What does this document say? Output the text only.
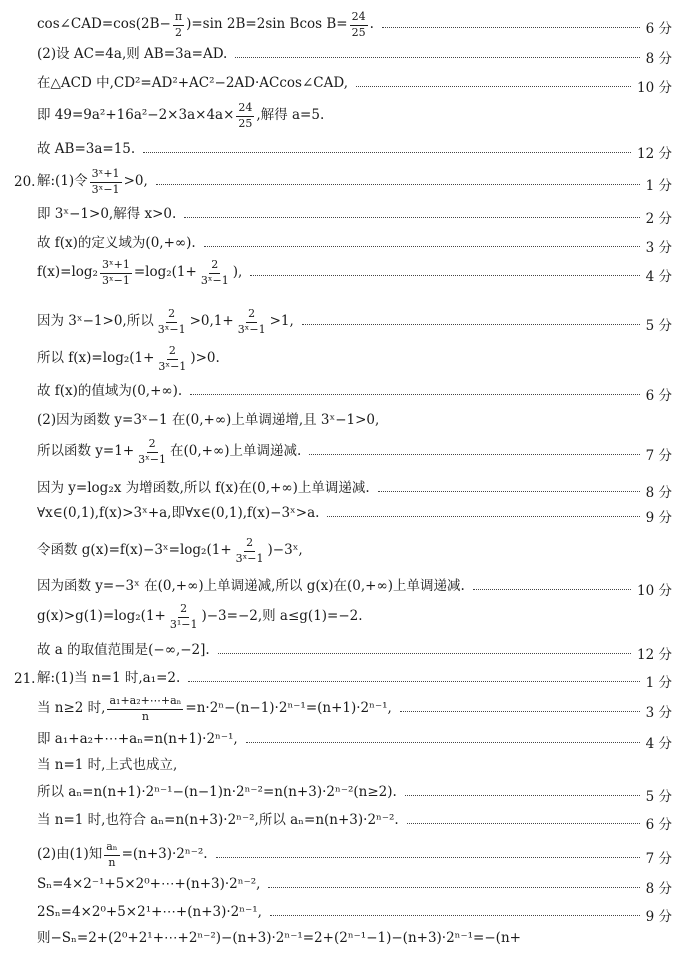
cos∠CAD=cos(2B− $\frac{\pi}{2} )=\sin$ 2B=2sin Bcos $B= \frac{24}{25}$ .	6 分
(2)设 AC=4a,则 AB=3a=AD.	8 分
在△ACD 中,CD²=AD²+AC²−2AD·ACcos∠CAD,	10 分
即 $49=9a^2+16a^2-2\times 3a\times 4a\times \frac{24}{25}$ ,解得 a=5.
故 AB=3a=15.	12 分
20. 解:(1)令 $\frac{\text{3ˣ+1}}{\text{3ˣ−1}} >0$,	1 分
即 3ˣ−1>0,解得 x>0.	2 分
故 f(x)的定义域为(0,+∞).	3 分
$f(x)=\log_2 \frac{\text{3ˣ+1}}{\text{3ˣ−1}} =\log_2(1+ \frac{2}{\text{3ˣ−1}}$ ),	4 分
因为 3ˣ−1>0,所以 $\frac{2}{\text{3ˣ−1}} >0,1+ \frac{2}{\text{3ˣ−1}} >1$,	5 分
所以 $f(x)=\log_2(1+ \frac{2}{\text{3ˣ−1}} )>0$.
故 f(x)的值域为(0,+∞).	6 分
(2)因为函数 y=3ˣ−1 在(0,+∞)上单调递增,且 3ˣ−1>0,
所以函数 $y=1+ \frac{2}{\text{3ˣ−1}}$ 在(0,+∞)上单调递减.	7 分
因为 y=log₂x 为增函数,所以 f(x)在(0,+∞)上单调递减.	8 分
∀x∈(0,1),f(x)>3ˣ+a,即∀x∈(0,1),f(x)−3ˣ>a.	9 分
令函数 g(x)=f(x)−3ˣ=log₂(1+ $\frac{2}{\text{3ˣ−1}}$ )−3ˣ,
因为函数 y=−3ˣ 在(0,+∞)上单调递减,所以 g(x)在(0,+∞)上单调递减.	10 分
$g(x)>g(1)=\log_2(1+ \frac{2}{\text{3¹−1}} )-3=-2$,则 a≤g(1)=−2.
故 a 的取值范围是(−∞,−2].	12 分
21. 解:(1)当 n=1 时,a₁=2.	1 分
当 n≥2 时, $\frac{\text{a₁+a₂+⋯+aₙ}}{n} =n\cdot 2^n-(n-1)\cdot 2^{n-1}=(n+1)\cdot 2^{n-1}$,	3 分
即 a₁+a₂+⋯+aₙ=n(n+1)·2ⁿ⁻¹,	4 分
当 n=1 时,上式也成立,
所以 aₙ=n(n+1)·2ⁿ⁻¹−(n−1)n·2ⁿ⁻²=n(n+3)·2ⁿ⁻²(n≥2).	5 分
当 n=1 时,也符合 aₙ=n(n+3)·2ⁿ⁻²,所以 aₙ=n(n+3)·2ⁿ⁻².	6 分
(2)由(1)知 $\frac{\text{aₙ}}{n} =(n+3)\cdot 2^{n-2}$.	7 分
Sₙ=4×2⁻¹+5×2⁰+⋯+(n+3)·2ⁿ⁻²,	8 分
2Sₙ=4×2⁰+5×2¹+⋯+(n+3)·2ⁿ⁻¹,	9 分
则−Sₙ=2+(2⁰+2¹+⋯+2ⁿ⁻²)−(n+3)·2ⁿ⁻¹=2+(2ⁿ⁻¹−1)−(n+3)·2ⁿ⁻¹=−(n+
